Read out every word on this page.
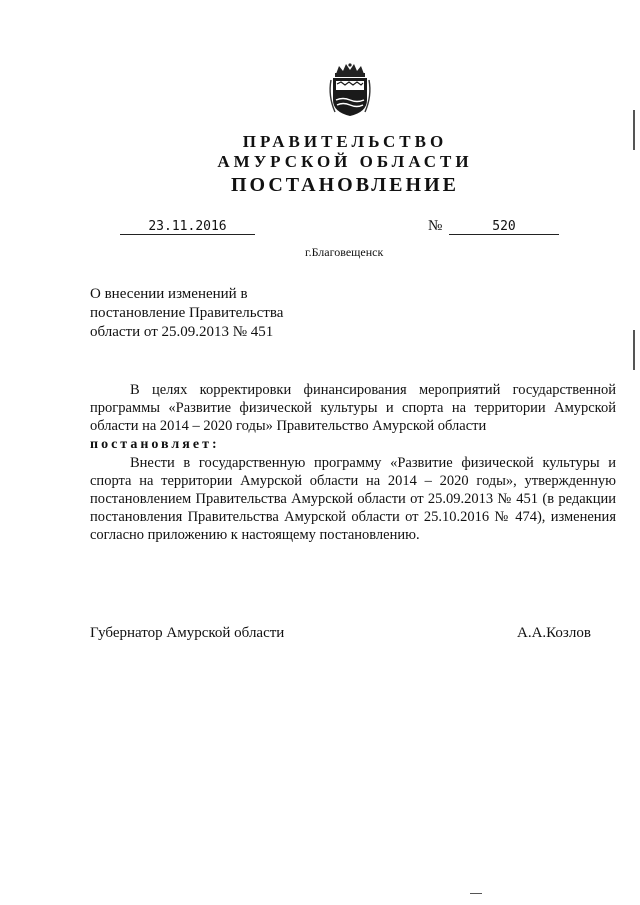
ПРАВИТЕЛЬСТВО
АМУРСКОЙ ОБЛАСТИ
ПОСТАНОВЛЕНИЕ
23.11.2016	№	520
г.Благовещенск
О внесении изменений в
постановление Правительства
области от 25.09.2013 № 451
В целях корректировки финансирования мероприятий государственной программы «Развитие физической культуры и спорта на территории Амурской области на 2014 – 2020 годы» Правительство Амурской области
постановляет:
Внести в государственную программу «Развитие физической культуры и спорта на территории Амурской области на 2014 – 2020 годы», утвержденную постановлением Правительства Амурской области от 25.09.2013 № 451 (в редакции постановления Правительства Амурской области от 25.10.2016 № 474), изменения согласно приложению к настоящему постановлению.
Губернатор Амурской области	А.А.Козлов
